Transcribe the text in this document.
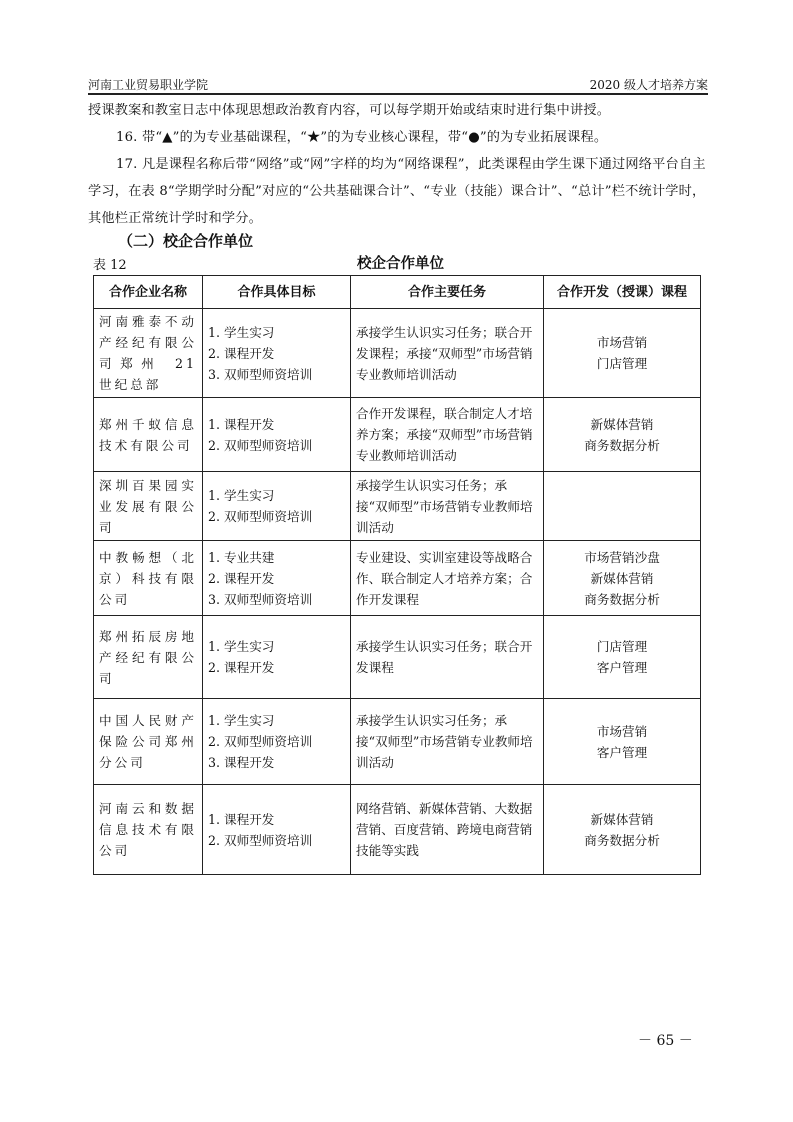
河南工业贸易职业学院	2020 级人才培养方案
授课教案和教室日志中体现思想政治教育内容，可以每学期开始或结束时进行集中讲授。
16. 带“▲”的为专业基础课程，“★”的为专业核心课程，带“●”的为专业拓展课程。
17. 凡是课程名称后带“网络”或“网”字样的均为“网络课程”，此类课程由学生课下通过网络平台自主学习，在表 8“学期学时分配”对应的“公共基础课合计”、“专业（技能）课合计”、“总计”栏不统计学时，其他栏正常统计学时和学分。
（二）校企合作单位
表 12	校企合作单位
合作企业名称	合作具体目标	合作主要任务	合作开发（授课）课程
河南雅泰不动产经纪有限公司郑州 21 世纪总部	1. 学生实习
2. 课程开发
3. 双师型师资培训	承接学生认识实习任务；联合开发课程；承接“双师型”市场营销专业教师培训活动	市场营销
门店管理

郑州千蚁信息技术有限公司	1. 课程开发
2. 双师型师资培训	合作开发课程，联合制定人才培养方案；承接“双师型”市场营销专业教师培训活动	新媒体营销
商务数据分析

深圳百果园实业发展有限公司	1. 学生实习
2. 双师型师资培训	承接学生认识实习任务；承接“双师型”市场营销专业教师培训活动	
中教畅想（北京）科技有限公司	1. 专业共建
2. 课程开发
3. 双师型师资培训	专业建设、实训室建设等战略合作、联合制定人才培养方案；合作开发课程	市场营销沙盘
新媒体营销
商务数据分析

郑州拓辰房地产经纪有限公司	1. 学生实习
2. 课程开发	承接学生认识实习任务；联合开发课程	门店管理
客户管理

中国人民财产保险公司郑州分公司	1. 学生实习
2. 双师型师资培训
3. 课程开发	承接学生认识实习任务；承接“双师型”市场营销专业教师培训活动	市场营销
客户管理

河南云和数据信息技术有限公司	1. 课程开发
2. 双师型师资培训	网络营销、新媒体营销、大数据营销、百度营销、跨境电商营销技能等实践	新媒体营销
商务数据分析
－ 65 －
